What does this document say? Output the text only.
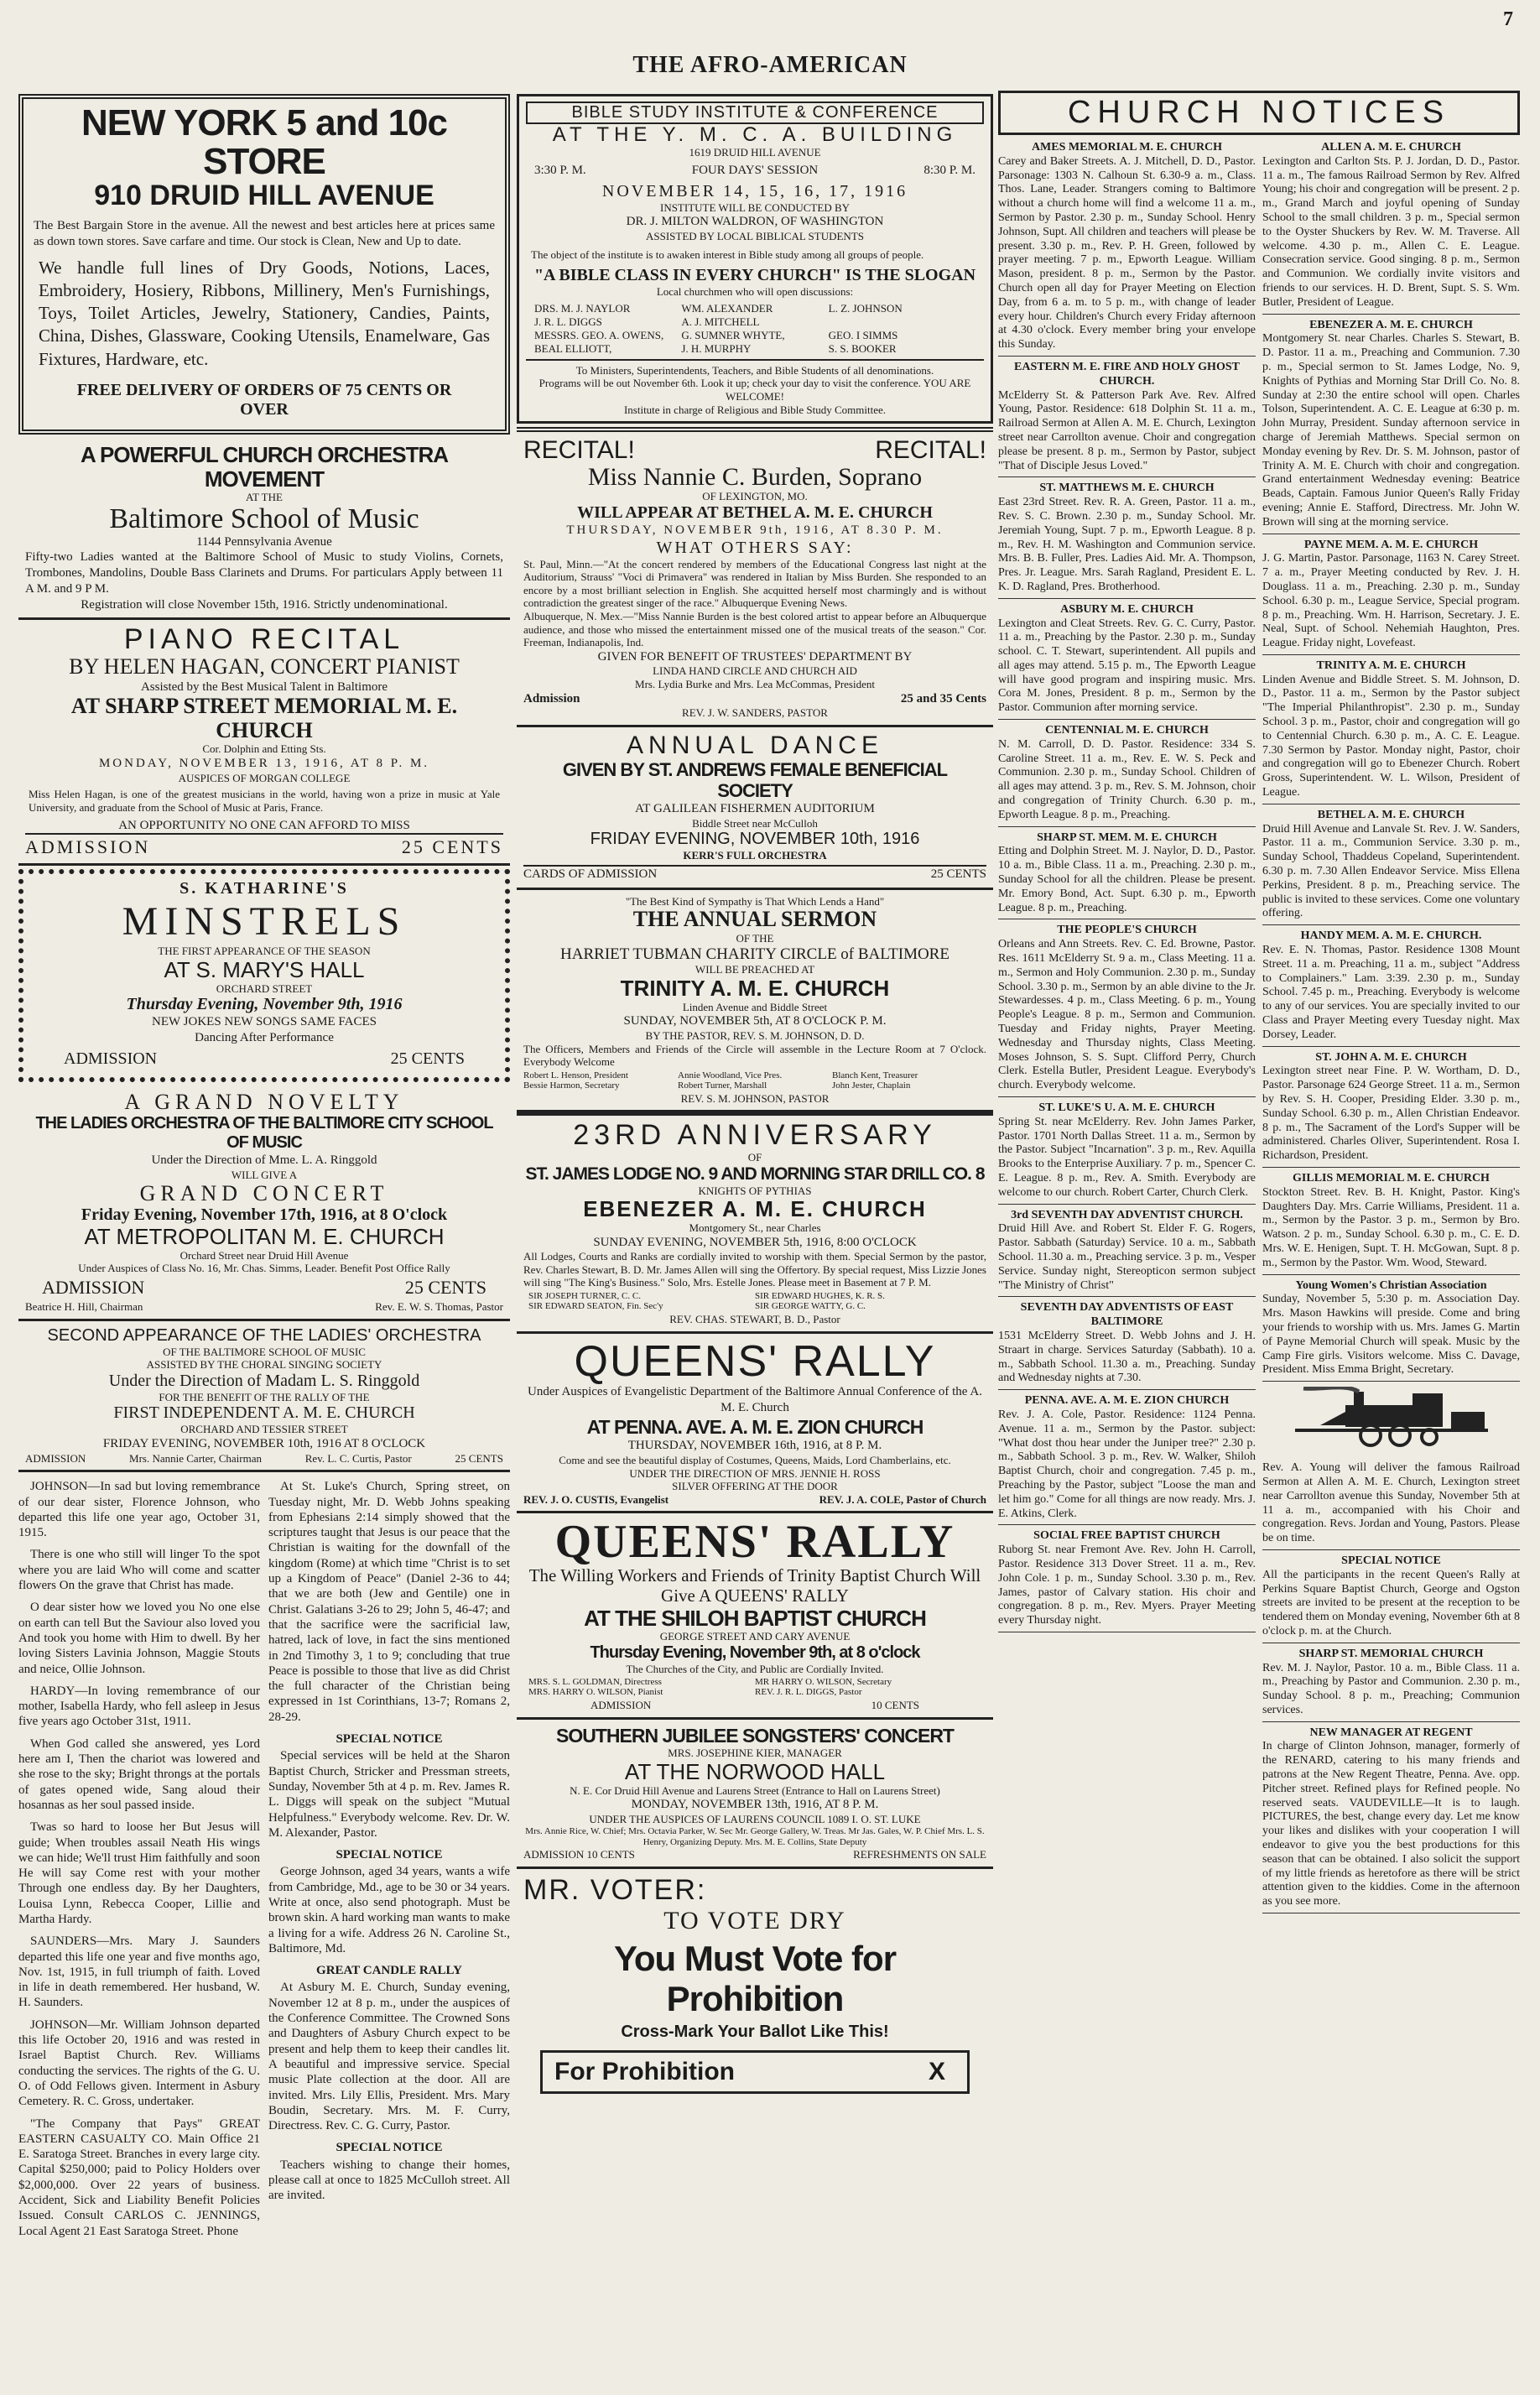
7
THE AFRO-AMERICAN
NEW YORK 5 and 10c STORE
910 DRUID HILL AVENUE
The Best Bargain Store in the avenue. All the newest and best articles here at prices same as down town stores. Save carfare and time. Our stock is Clean, New and Up to date.
We handle full lines of Dry Goods, Notions, Laces, Embroidery, Hosiery, Ribbons, Millinery, Men's Furnishings, Toys, Toilet Articles, Jewelry, Stationery, Candies, Paints, China, Dishes, Glassware, Cooking Utensils, Enamelware, Gas Fixtures, Hardware, etc.
FREE DELIVERY OF ORDERS OF 75 CENTS OR OVER
A POWERFUL CHURCH ORCHESTRA MOVEMENT
AT THE
Baltimore School of Music
1144 Pennsylvania Avenue
Fifty-two Ladies wanted at the Baltimore School of Music to study Violins, Cornets, Trombones, Mandolins, Double Bass Clarinets and Drums. For particulars Apply between 11 A M. and 9 P M.
Registration will close November 15th, 1916. Strictly undenominational.
PIANO RECITAL
BY HELEN HAGAN, CONCERT PIANIST
Assisted by the Best Musical Talent in Baltimore
AT SHARP STREET MEMORIAL M. E. CHURCH
Cor. Dolphin and Etting Sts.
MONDAY, NOVEMBER 13, 1916, AT 8 P. M.
AUSPICES OF MORGAN COLLEGE
Miss Helen Hagan, is one of the greatest musicians in the world, having won a prize in music at Yale University, and graduate from the School of Music at Paris, France.
AN OPPORTUNITY NO ONE CAN AFFORD TO MISS
ADMISSION	25 CENTS
S. KATHARINE'S
MINSTRELS
THE FIRST APPEARANCE OF THE SEASON
AT S. MARY'S HALL
ORCHARD STREET
Thursday Evening, November 9th, 1916
NEW JOKES NEW SONGS SAME FACES
Dancing After Performance
ADMISSION	25 CENTS
A GRAND NOVELTY
THE LADIES ORCHESTRA OF THE BALTIMORE CITY SCHOOL OF MUSIC
Under the Direction of Mme. L. A. Ringgold
WILL GIVE A
GRAND CONCERT
Friday Evening, November 17th, 1916, at 8 O'clock
AT METROPOLITAN M. E. CHURCH
Orchard Street near Druid Hill Avenue
Under Auspices of Class No. 16, Mr. Chas. Simms, Leader. Benefit Post Office Rally
ADMISSION	25 CENTS
Beatrice H. Hill, Chairman	Rev. E. W. S. Thomas, Pastor
SECOND APPEARANCE OF THE LADIES' ORCHESTRA
OF THE BALTIMORE SCHOOL OF MUSIC
ASSISTED BY THE CHORAL SINGING SOCIETY
Under the Direction of Madam L. S. Ringgold
FOR THE BENEFIT OF THE RALLY OF THE
FIRST INDEPENDENT A. M. E. CHURCH
ORCHARD AND TESSIER STREET
FRIDAY EVENING, NOVEMBER 10th, 1916 AT 8 O'CLOCK
ADMISSION	Mrs. Nannie Carter, Chairman	Rev. L. C. Curtis, Pastor	25 CENTS

JOHNSON—In sad but loving remembrance of our dear sister, Florence Johnson, who departed this life one year ago, October 31, 1915.

There is one who still will linger To the spot where you are laid Who will come and scatter flowers On the grave that Christ has made.

O dear sister how we loved you No one else on earth can tell But the Saviour also loved you And took you home with Him to dwell. By her loving Sisters Lavinia Johnson, Maggie Stouts and neice, Ollie Johnson.

HARDY—In loving remembrance of our mother, Isabella Hardy, who fell asleep in Jesus five years ago October 31st, 1911.

When God called she answered, yes Lord here am I, Then the chariot was lowered and she rose to the sky; Bright throngs at the portals of gates opened wide, Sang aloud their hosannas as her soul passed inside.

Twas so hard to loose her But Jesus will guide; When troubles assail Neath His wings we can hide; We'll trust Him faithfully and soon He will say Come rest with your mother Through one endless day. By her Daughters, Louisa Lynn, Rebecca Cooper, Lillie and Martha Hardy.

SAUNDERS—Mrs. Mary J. Saunders departed this life one year and five months ago, Nov. 1st, 1915, in full triumph of faith. Loved in life in death remembered. Her husband, W. H. Saunders.

JOHNSON—Mr. William Johnson departed this life October 20, 1916 and was rested in Israel Baptist Church. Rev. Williams conducting the services. The rights of the G. U. O. of Odd Fellows given. Interment in Asbury Cemetery. R. C. Gross, undertaker.

"The Company that Pays" GREAT EASTERN CASUALTY CO. Main Office 21 E. Saratoga Street. Branches in every large city. Capital $250,000; paid to Policy Holders over $2,000,000. Over 22 years of business. Accident, Sick and Liability Benefit Policies Issued. Consult CARLOS C. JENNINGS, Local Agent 21 East Saratoga Street. Phone

At St. Luke's Church, Spring street, on Tuesday night, Mr. D. Webb Johns speaking from Ephesians 2:14 simply showed that the scriptures taught that Jesus is our peace that the Christian is waiting for the downfall of the kingdom (Rome) at which time "Christ is to set up a Kingdom of Peace" (Daniel 2-36 to 44; that we are both (Jew and Gentile) one in Christ. Galatians 3-26 to 29; John 5, 46-47; and that the sacrifice were the sacrificial law, hatred, lack of love, in fact the sins mentioned in 2nd Timothy 3, 1 to 9; concluding that true Peace is possible to those that live as did Christ the full character of the Christian being expressed in 1st Corinthians, 13-7; Romans 2, 28-29.

SPECIAL NOTICE

Special services will be held at the Sharon Baptist Church, Stricker and Pressman streets, Sunday, November 5th at 4 p. m. Rev. James R. L. Diggs will speak on the subject "Mutual Helpfulness." Everybody welcome. Rev. Dr. W. M. Alexander, Pastor.

SPECIAL NOTICE

George Johnson, aged 34 years, wants a wife from Cambridge, Md., age to be 30 or 34 years. Write at once, also send photograph. Must be brown skin. A hard working man wants to make a living for a wife. Address 26 N. Caroline St., Baltimore, Md.

GREAT CANDLE RALLY

At Asbury M. E. Church, Sunday evening, November 12 at 8 p. m., under the auspices of the Conference Committee. The Crowned Sons and Daughters of Asbury Church expect to be present and help them to keep their candles lit. A beautiful and impressive service. Special music Plate collection at the door. All are invited. Mrs. Lily Ellis, President. Mrs. Mary Boudin, Secretary. Mrs. M. F. Curry, Directress. Rev. C. G. Curry, Pastor.

SPECIAL NOTICE

Teachers wishing to change their homes, please call at once to 1825 McCulloh street. All are invited.

BIBLE STUDY INSTITUTE & CONFERENCE
AT THE Y. M. C. A. BUILDING
1619 DRUID HILL AVENUE
3:30 P. M.	FOUR DAYS' SESSION	8:30 P. M.
NOVEMBER 14, 15, 16, 17, 1916
INSTITUTE WILL BE CONDUCTED BY
DR. J. MILTON WALDRON, OF WASHINGTON
ASSISTED BY LOCAL BIBLICAL STUDENTS
The object of the institute is to awaken interest in Bible study among all groups of people.
"A BIBLE CLASS IN EVERY CHURCH" IS THE SLOGAN
Local churchmen who will open discussions:
DRS. M. J. NAYLOR	WM. ALEXANDER	L. Z. JOHNSON
J. R. L. DIGGS	A. J. MITCHELL
MESSRS. GEO. A. OWENS,	G. SUMNER WHYTE,	GEO. I SIMMS
BEAL ELLIOTT,	J. H. MURPHY	S. S. BOOKER
To Ministers, Superintendents, Teachers, and Bible Students of all denominations.
Programs will be out November 6th. Look it up; check your day to visit the conference. YOU ARE WELCOME!
Institute in charge of Religious and Bible Study Committee.
RECITAL!	RECITAL!
Miss Nannie C. Burden, Soprano
OF LEXINGTON, MO.
WILL APPEAR AT BETHEL A. M. E. CHURCH
THURSDAY, NOVEMBER 9th, 1916, AT 8.30 P. M.
WHAT OTHERS SAY:
St. Paul, Minn.—"At the concert rendered by members of the Educational Congress last night at the Auditorium, Strauss' "Voci di Primavera" was rendered in Italian by Miss Burden. She responded to an encore by a most brilliant selection in English. She acquitted herself most charmingly and is without contradiction the greatest singer of the race." Albuquerque Evening News.
Albuquerque, N. Mex.—"Miss Nannie Burden is the best colored artist to appear before an Albuquerque audience, and those who missed the entertainment missed one of the musical treats of the season." Cor. Freeman, Indianapolis, Ind.
GIVEN FOR BENEFIT OF TRUSTEES' DEPARTMENT BY
LINDA HAND CIRCLE AND CHURCH AID
Mrs. Lydia Burke and Mrs. Lea McCommas, President
Admission	25 and 35 Cents
REV. J. W. SANDERS, PASTOR
ANNUAL DANCE
GIVEN BY ST. ANDREWS FEMALE BENEFICIAL SOCIETY
AT GALILEAN FISHERMEN AUDITORIUM
Biddle Street near McCulloh
FRIDAY EVENING, NOVEMBER 10th, 1916
KERR'S FULL ORCHESTRA
CARDS OF ADMISSION	25 CENTS
"The Best Kind of Sympathy is That Which Lends a Hand"
THE ANNUAL SERMON
OF THE
HARRIET TUBMAN CHARITY CIRCLE of BALTIMORE
WILL BE PREACHED AT
TRINITY A. M. E. CHURCH
Linden Avenue and Biddle Street
SUNDAY, NOVEMBER 5th, AT 8 O'CLOCK P. M.
BY THE PASTOR, REV. S. M. JOHNSON, D. D.
The Officers, Members and Friends of the Circle will assemble in the Lecture Room at 7 O'clock. Everybody Welcome
Robert L. Henson, President	Annie Woodland, Vice Pres.	Blanch Kent, Treasurer
Bessie Harmon, Secretary	Robert Turner, Marshall	John Jester, Chaplain
REV. S. M. JOHNSON, PASTOR
23RD ANNIVERSARY
OF
ST. JAMES LODGE NO. 9 AND MORNING STAR DRILL CO. 8
KNIGHTS OF PYTHIAS
EBENEZER A. M. E. CHURCH
Montgomery St., near Charles
SUNDAY EVENING, NOVEMBER 5th, 1916, 8:00 O'CLOCK
All Lodges, Courts and Ranks are cordially invited to worship with them. Special Sermon by the pastor, Rev. Charles Stewart, B. D. Mr. James Allen will sing the Offertory. By special request, Miss Lizzie Jones will sing "The King's Business." Solo, Mrs. Estelle Jones. Please meet in Basement at 7 P. M.
SIR JOSEPH TURNER, C. C.	SIR EDWARD HUGHES, K. R. S.
SIR EDWARD SEATON, Fin. Sec'y	SIR GEORGE WATTY, G. C.
REV. CHAS. STEWART, B. D., Pastor
QUEENS' RALLY
Under Auspices of Evangelistic Department of the Baltimore Annual Conference of the A. M. E. Church
AT PENNA. AVE. A. M. E. ZION CHURCH
THURSDAY, NOVEMBER 16th, 1916, at 8 P. M.
Come and see the beautiful display of Costumes, Queens, Maids, Lord Chamberlains, etc.
UNDER THE DIRECTION OF MRS. JENNIE H. ROSS
SILVER OFFERING AT THE DOOR
REV. J. O. CUSTIS, Evangelist	REV. J. A. COLE, Pastor of Church
QUEENS' RALLY
The Willing Workers and Friends of Trinity Baptist Church Will Give A QUEENS' RALLY
AT THE SHILOH BAPTIST CHURCH
GEORGE STREET AND CARY AVENUE
Thursday Evening, November 9th, at 8 o'clock
The Churches of the City, and Public are Cordially Invited.
MRS. S. L. GOLDMAN, Directress	MR HARRY O. WILSON, Secretary
MRS. HARRY O. WILSON, Pianist	REV. J. R. L. DIGGS, Pastor
ADMISSION	10 CENTS
SOUTHERN JUBILEE SONGSTERS' CONCERT
MRS. JOSEPHINE KIER, MANAGER
AT THE NORWOOD HALL
N. E. Cor Druid Hill Avenue and Laurens Street (Entrance to Hall on Laurens Street)
MONDAY, NOVEMBER 13th, 1916, AT 8 P. M.
UNDER THE AUSPICES OF LAURENS COUNCIL 1089 I. O. ST. LUKE
Mrs. Annie Rice, W. Chief; Mrs. Octavia Parker, W. Sec Mr. George Gallery, W. Treas. Mr Jas. Gales, W. P. Chief Mrs. L. S. Henry, Organizing Deputy. Mrs. M. E. Collins, State Deputy
ADMISSION 10 CENTS	REFRESHMENTS ON SALE
MR. VOTER:
TO VOTE DRY
You Must Vote for Prohibition
Cross-Mark Your Ballot Like This!
For Prohibition	X
CHURCH NOTICES
AMES MEMORIAL M. E. CHURCH
Carey and Baker Streets. A. J. Mitchell, D. D., Pastor. Parsonage: 1303 N. Calhoun St. 6.30-9 a. m., Class. Thos. Lane, Leader. Strangers coming to Baltimore without a church home will find a welcome 11 a. m., Sermon by Pastor. 2.30 p. m., Sunday School. Henry Johnson, Supt. All children and teachers will please be present. 3.30 p. m., Rev. P. H. Green, followed by prayer meeting. 7 p. m., Epworth League. William Mason, president. 8 p. m., Sermon by the Pastor. Church open all day for Prayer Meeting on Election Day, from 6 a. m. to 5 p. m., with change of leader every hour. Children's Church every Friday afternoon at 4.30 o'clock. Every member bring your envelope this Sunday.
EASTERN M. E. FIRE AND HOLY GHOST CHURCH.
McElderry St. & Patterson Park Ave. Rev. Alfred Young, Pastor. Residence: 618 Dolphin St. 11 a. m., Railroad Sermon at Allen A. M. E. Church, Lexington street near Carrollton avenue. Choir and congregation please be present. 8 p. m., Sermon by Pastor, subject "That of Disciple Jesus Loved."
ST. MATTHEWS M. E. CHURCH
East 23rd Street. Rev. R. A. Green, Pastor. 11 a. m., Rev. S. C. Brown. 2.30 p. m., Sunday School. Mr. Jeremiah Young, Supt. 7 p. m., Epworth League. 8 p. m., Rev. H. M. Washington and Communion service. Mrs. B. B. Fuller, Pres. Ladies Aid. Mr. A. Thompson, Pres. Jr. League. Mrs. Sarah Ragland, President E. L. K. D. Ragland, Pres. Brotherhood.
ASBURY M. E. CHURCH
Lexington and Cleat Streets. Rev. G. C. Curry, Pastor. 11 a. m., Preaching by the Pastor. 2.30 p. m., Sunday school. C. T. Stewart, superintendent. All pupils and all ages may attend. 5.15 p. m., The Epworth League will have good program and inspiring music. Mrs. Cora M. Jones, President. 8 p. m., Sermon by the Pastor. Communion after morning service.
CENTENNIAL M. E. CHURCH
N. M. Carroll, D. D. Pastor. Residence: 334 S. Caroline Street. 11 a. m., Rev. E. W. S. Peck and Communion. 2.30 p. m., Sunday School. Children of all ages may attend. 3 p. m., Rev. S. M. Johnson, choir and congregation of Trinity Church. 6.30 p. m., Epworth League. 8 p. m., Preaching.
SHARP ST. MEM. M. E. CHURCH
Etting and Dolphin Street. M. J. Naylor, D. D., Pastor. 10 a. m., Bible Class. 11 a. m., Preaching. 2.30 p. m., Sunday School for all the children. Please be present. Mr. Emory Bond, Act. Supt. 6.30 p. m., Epworth League. 8 p. m., Preaching.
THE PEOPLE'S CHURCH
Orleans and Ann Streets. Rev. C. Ed. Browne, Pastor. Res. 1611 McElderry St. 9 a. m., Class Meeting. 11 a. m., Sermon and Holy Communion. 2.30 p. m., Sunday School. 3.30 p. m., Sermon by an able divine to the Jr. Stewardesses. 4 p. m., Class Meeting. 6 p. m., Young People's League. 8 p. m., Sermon and Communion. Tuesday and Friday nights, Prayer Meeting. Wednesday and Thursday nights, Class Meeting. Moses Johnson, S. S. Supt. Clifford Perry, Church Clerk. Estella Butler, President League. Everybody's church. Everybody welcome.
ST. LUKE'S U. A. M. E. CHURCH
Spring St. near McElderry. Rev. John James Parker, Pastor. 1701 North Dallas Street. 11 a. m., Sermon by the Pastor. Subject "Incarnation". 3 p. m., Rev. Aquilla Brooks to the Enterprise Auxiliary. 7 p. m., Spencer C. E. League. 8 p. m., Rev. A. Smith. Everybody are welcome to our church. Robert Carter, Church Clerk.
3rd SEVENTH DAY ADVENTIST CHURCH.
Druid Hill Ave. and Robert St. Elder F. G. Rogers, Pastor. Sabbath (Saturday) Service. 10 a. m., Sabbath School. 11.30 a. m., Preaching service. 3 p. m., Vesper Service. Sunday night, Stereopticon sermon subject "The Ministry of Christ"
SEVENTH DAY ADVENTISTS OF EAST BALTIMORE
1531 McElderry Street. D. Webb Johns and J. H. Straart in charge. Services Saturday (Sabbath). 10 a. m., Sabbath School. 11.30 a. m., Preaching. Sunday and Wednesday nights at 7.30.
PENNA. AVE. A. M. E. ZION CHURCH
Rev. J. A. Cole, Pastor. Residence: 1124 Penna. Avenue. 11 a. m., Sermon by the Pastor. subject: "What dost thou hear under the Juniper tree?" 2.30 p. m., Sabbath School. 3 p. m., Rev. W. Walker, Shiloh Baptist Church, choir and congregation. 7.45 p. m., Preaching by the Pastor, subject "Loose the man and let him go." Come for all things are now ready. Mrs. J. E. Atkins, Clerk.
SOCIAL FREE BAPTIST CHURCH
Ruborg St. near Fremont Ave. Rev. John H. Carroll, Pastor. Residence 313 Dover Street. 11 a. m., Rev. John Cole. 1 p. m., Sunday School. 3.30 p. m., Rev. James, pastor of Calvary station. His choir and congregation. 8 p. m., Rev. Myers. Prayer Meeting every Thursday night.
ALLEN A. M. E. CHURCH
Lexington and Carlton Sts. P. J. Jordan, D. D., Pastor. 11 a. m., The famous Railroad Sermon by Rev. Alfred Young; his choir and congregation will be present. 2 p. m., Grand March and joyful opening of Sunday School to the small children. 3 p. m., Special sermon to the Oyster Shuckers by Rev. W. M. Traverse. All welcome. 4.30 p. m., Allen C. E. League. Consecration service. Good singing. 8 p. m., Sermon and Communion. We cordially invite visitors and friends to our services. H. D. Brent, Supt. S. S. Wm. Butler, President of League.
EBENEZER A. M. E. CHURCH
Montgomery St. near Charles. Charles S. Stewart, B. D. Pastor. 11 a. m., Preaching and Communion. 7.30 p. m., Special sermon to St. James Lodge, No. 9, Knights of Pythias and Morning Star Drill Co. No. 8. Sunday at 2:30 the entire school will open. Charles Tolson, Superintendent. A. C. E. League at 6:30 p. m. John Murray, President. Sunday afternoon service in charge of Jeremiah Matthews. Special sermon on Monday evening by Rev. Dr. S. M. Johnson, pastor of Trinity A. M. E. Church with choir and congregation. Grand entertainment Wednesday evening: Beatrice Beads, Captain. Famous Junior Queen's Rally Friday evening; Annie E. Stafford, Directress. Mr. John W. Brown will sing at the morning service.
PAYNE MEM. A. M. E. CHURCH
J. G. Martin, Pastor. Parsonage, 1163 N. Carey Street. 7 a. m., Prayer Meeting conducted by Rev. J. H. Douglass. 11 a. m., Preaching. 2.30 p. m., Sunday School. 6.30 p. m., League Service, Special program. 8 p. m., Preaching. Wm. H. Harrison, Secretary. J. E. Neal, Supt. of School. Nehemiah Haughton, Pres. League. Friday night, Lovefeast.
TRINITY A. M. E. CHURCH
Linden Avenue and Biddle Street. S. M. Johnson, D. D., Pastor. 11 a. m., Sermon by the Pastor subject "The Imperial Philanthropist". 2.30 p. m., Sunday School. 3 p. m., Pastor, choir and congregation will go to Centennial Church. 6.30 p. m., A. C. E. League. 7.30 Sermon by Pastor. Monday night, Pastor, choir and congregation will go to Ebenezer Church. Robert Gross, Superintendent. W. L. Wilson, President of League.
BETHEL A. M. E. CHURCH
Druid Hill Avenue and Lanvale St. Rev. J. W. Sanders, Pastor. 11 a. m., Communion Service. 3.30 p. m., Sunday School, Thaddeus Copeland, Superintendent. 6.30 p. m. 7.30 Allen Endeavor Service. Miss Ellena Perkins, President. 8 p. m., Preaching service. The public is invited to these services. Come one voluntary offering.
HANDY MEM. A. M. E. CHURCH.
Rev. E. N. Thomas, Pastor. Residence 1308 Mount Street. 11 a. m. Preaching, 11 a. m., subject "Address to Complainers." Lam. 3:39. 2.30 p. m., Sunday School. 7.45 p. m., Preaching. Everybody is welcome to any of our services. You are specially invited to our Class and Prayer Meeting every Tuesday night. Max Dorsey, Leader.
ST. JOHN A. M. E. CHURCH
Lexington street near Fine. P. W. Wortham, D. D., Pastor. Parsonage 624 George Street. 11 a. m., Sermon by Rev. S. H. Cooper, Presiding Elder. 3.30 p. m., Sunday School. 6.30 p. m., Allen Christian Endeavor. 8 p. m., The Sacrament of the Lord's Supper will be administered. Charles Oliver, Superintendent. Rosa I. Richardson, President.
GILLIS MEMORIAL M. E. CHURCH
Stockton Street. Rev. B. H. Knight, Pastor. King's Daughters Day. Mrs. Carrie Williams, President. 11 a. m., Sermon by the Pastor. 3 p. m., Sermon by Bro. Watson. 2 p. m., Sunday School. 6.30 p. m., C. E. D. Mrs. W. E. Henigen, Supt. T. H. McGowan, Supt. 8 p. m., Sermon by the Pastor. Wm. Wood, Steward.
Young Women's Christian Association
Sunday, November 5, 5:30 p. m. Association Day. Mrs. Mason Hawkins will preside. Come and bring your friends to worship with us. Mrs. James G. Martin of Payne Memorial Church will speak. Music by the Camp Fire girls. Visitors welcome. Miss C. Davage, President. Miss Emma Bright, Secretary.
Rev. A. Young will deliver the famous Railroad Sermon at Allen A. M. E. Church, Lexington street near Carrollton avenue this Sunday, November 5th at 11 a. m., accompanied with his Choir and congregation. Revs. Jordan and Young, Pastors. Please be on time.
SPECIAL NOTICE
All the participants in the recent Queen's Rally at Perkins Square Baptist Church, George and Ogston streets are invited to be present at the reception to be tendered them on Monday evening, November 6th at 8 o'clock p. m. at the Church.
SHARP ST. MEMORIAL CHURCH
Rev. M. J. Naylor, Pastor. 10 a. m., Bible Class. 11 a. m., Preaching by Pastor and Communion. 2.30 p. m., Sunday School. 8 p. m., Preaching; Communion services.
NEW MANAGER AT REGENT
In charge of Clinton Johnson, manager, formerly of the RENARD, catering to his many friends and patrons at the New Regent Theatre, Penna. Ave. opp. Pitcher street. Refined plays for Refined people. No reserved seats. VAUDEVILLE—It is to laugh. PICTURES, the best, change every day. Let me know your likes and dislikes with your cooperation I will endeavor to give you the best productions for this season that can be obtained. I also solicit the support of my little friends as heretofore as there will be strict attention given to the kiddies. Come in the afternoon as you see more.
